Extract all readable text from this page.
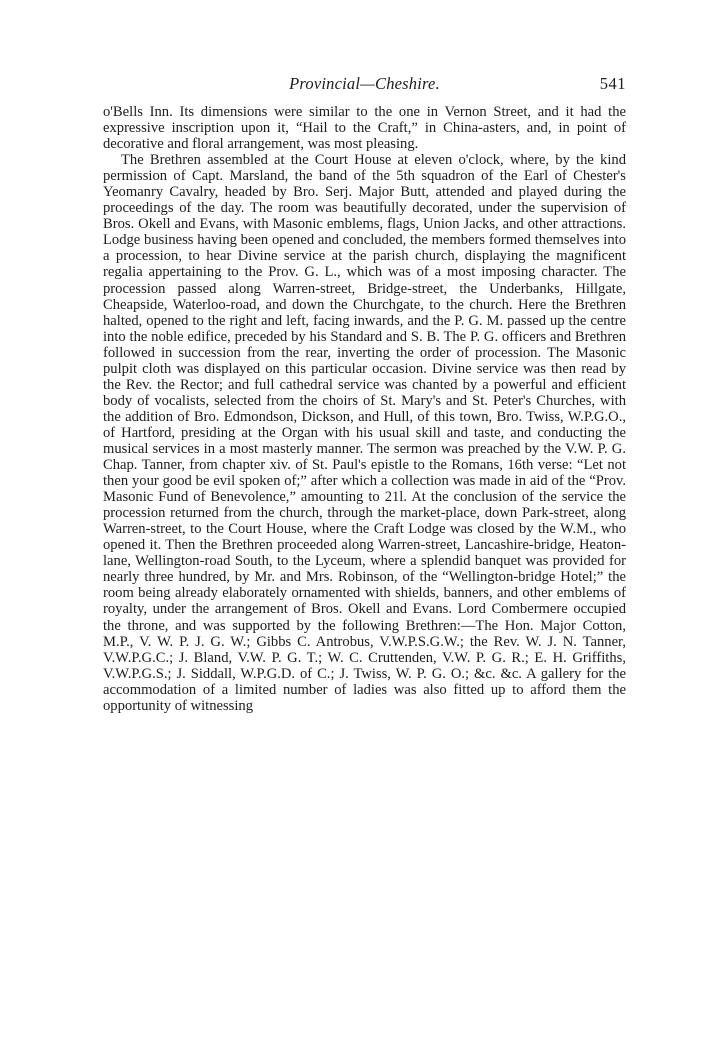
Provincial—Cheshire.	541

o'Bells Inn. Its dimensions were similar to the one in Vernon Street, and it had the expressive inscription upon it, “Hail to the Craft,” in China-asters, and, in point of decorative and floral arrangement, was most pleasing.

The Brethren assembled at the Court House at eleven o'clock, where, by the kind permission of Capt. Marsland, the band of the 5th squadron of the Earl of Chester's Yeomanry Cavalry, headed by Bro. Serj. Major Butt, attended and played during the proceedings of the day. The room was beautifully decorated, under the supervision of Bros. Okell and Evans, with Masonic emblems, flags, Union Jacks, and other attractions. Lodge business having been opened and concluded, the members formed themselves into a procession, to hear Divine service at the parish church, displaying the magnificent regalia appertaining to the Prov. G. L., which was of a most imposing character. The procession passed along Warren-street, Bridge-street, the Underbanks, Hillgate, Cheapside, Waterloo-road, and down the Churchgate, to the church. Here the Brethren halted, opened to the right and left, facing inwards, and the P. G. M. passed up the centre into the noble edifice, preceded by his Standard and S. B. The P. G. officers and Brethren followed in succession from the rear, inverting the order of procession. The Masonic pulpit cloth was displayed on this particular occasion. Divine service was then read by the Rev. the Rector; and full cathedral service was chanted by a powerful and efficient body of vocalists, selected from the choirs of St. Mary's and St. Peter's Churches, with the addition of Bro. Edmondson, Dickson, and Hull, of this town, Bro. Twiss, W.P.G.O., of Hartford, presiding at the Organ with his usual skill and taste, and conducting the musical services in a most masterly manner. The sermon was preached by the V.W. P. G. Chap. Tanner, from chapter xiv. of St. Paul's epistle to the Romans, 16th verse: “Let not then your good be evil spoken of;” after which a collection was made in aid of the “Prov. Masonic Fund of Benevolence,” amounting to 21l. At the conclusion of the service the procession returned from the church, through the market-place, down Park-street, along Warren-street, to the Court House, where the Craft Lodge was closed by the W.M., who opened it. Then the Brethren proceeded along Warren-street, Lancashire-bridge, Heaton-lane, Wellington-road South, to the Lyceum, where a splendid banquet was provided for nearly three hundred, by Mr. and Mrs. Robinson, of the “Wellington-bridge Hotel;” the room being already elaborately ornamented with shields, banners, and other emblems of royalty, under the arrangement of Bros. Okell and Evans. Lord Combermere occupied the throne, and was supported by the following Brethren:—The Hon. Major Cotton, M.P., V. W. P. J. G. W.; Gibbs C. Antrobus, V.W.P.S.G.W.; the Rev. W. J. N. Tanner, V.W.P.G.C.; J. Bland, V.W. P. G. T.; W. C. Cruttenden, V.W. P. G. R.; E. H. Griffiths, V.W.P.G.S.; J. Siddall, W.P.G.D. of C.; J. Twiss, W. P. G. O.; &c. &c. A gallery for the accommodation of a limited number of ladies was also fitted up to afford them the opportunity of witnessing
